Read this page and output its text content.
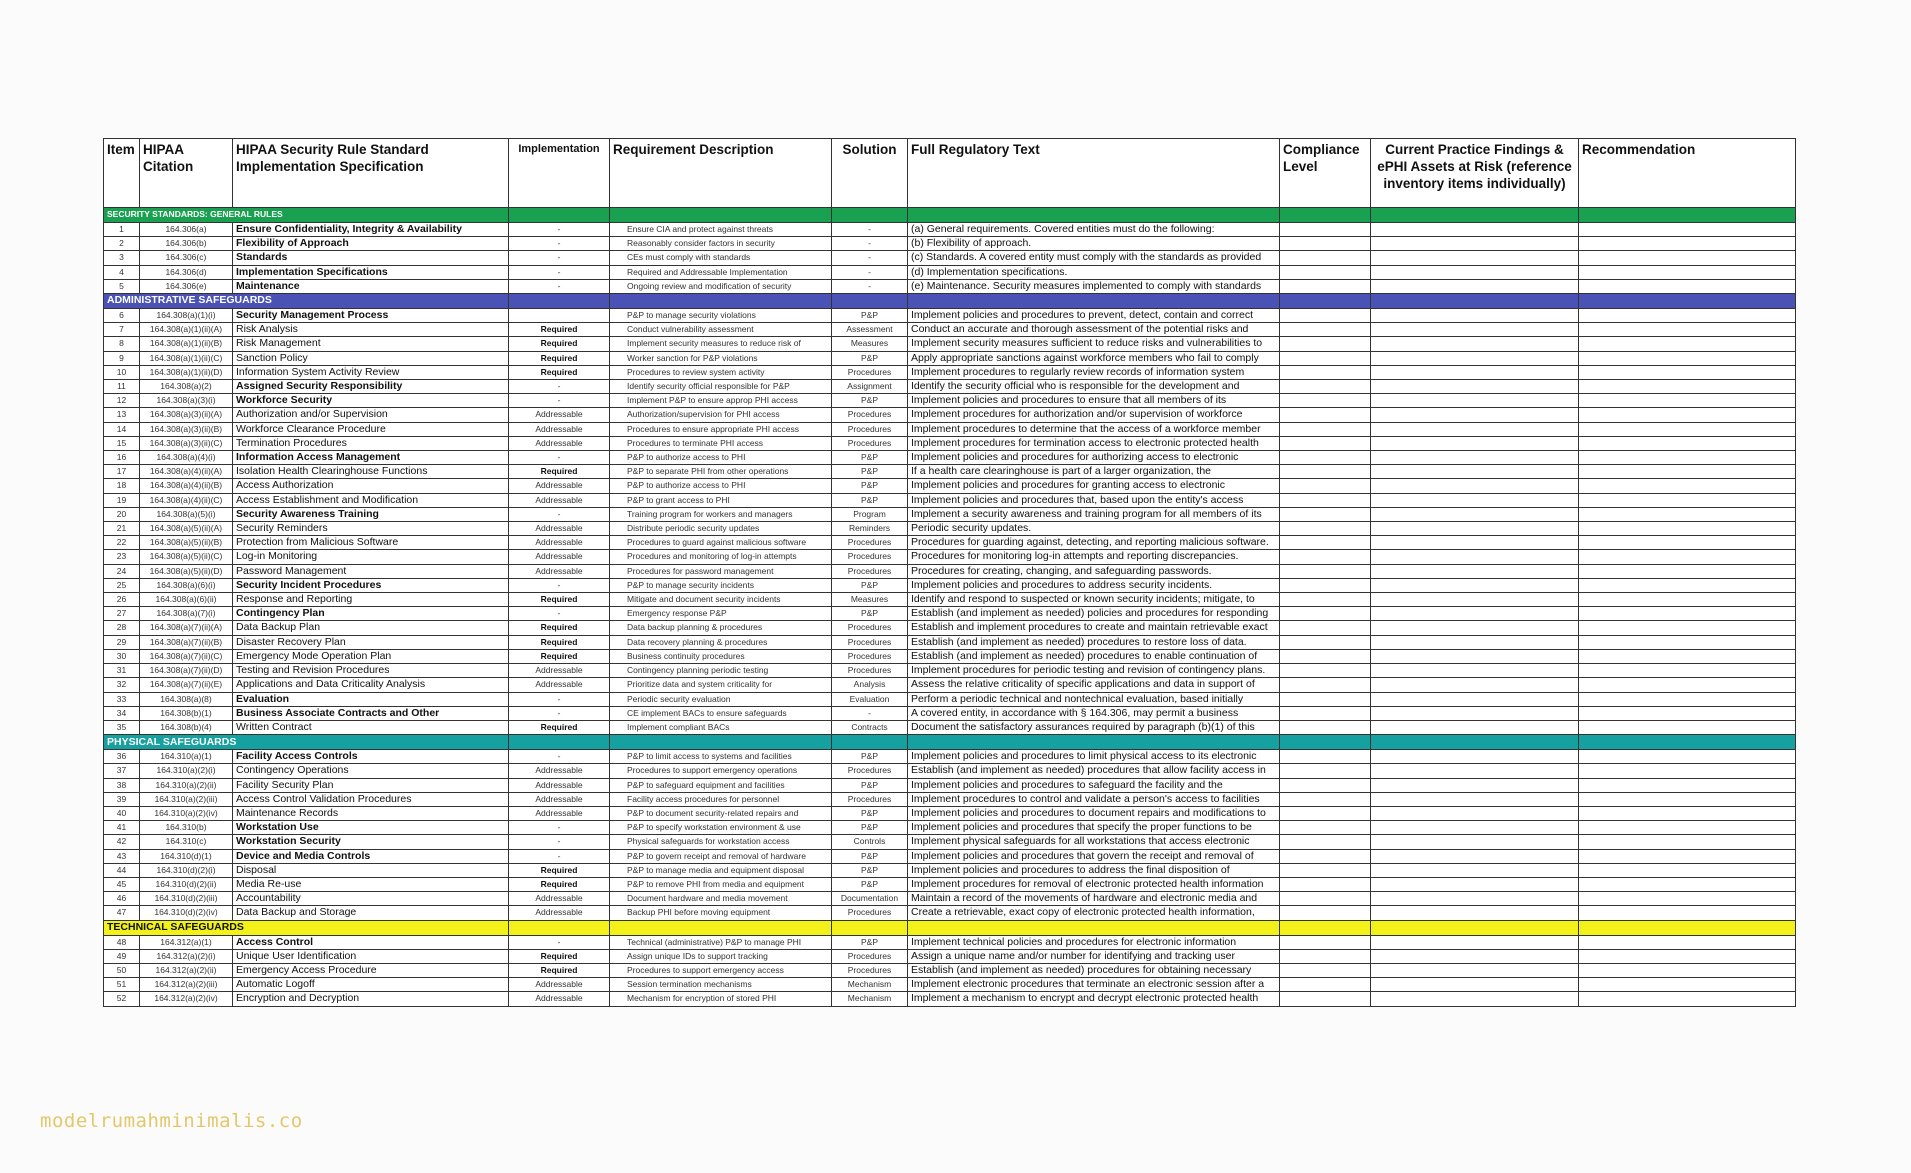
Item	HIPAA Citation	HIPAA Security Rule Standard Implementation Specification	Implementation	Requirement Description	Solution	Full Regulatory Text	Compliance Level	Current Practice Findings & ePHI Assets at Risk (reference inventory items individually)	Recommendation
SECURITY STANDARDS: GENERAL RULES									
1	164.306(a)	Ensure Confidentiality, Integrity & Availability	-	Ensure CIA and protect against threats	-	(a) General requirements. Covered entities must do the following:			
2	164.306(b)	Flexibility of Approach	-	Reasonably consider factors in security	-	(b) Flexibility of approach.			
3	164.306(c)	Standards	-	CEs must comply with standards	-	(c) Standards. A covered entity must comply with the standards as provided			
4	164.306(d)	Implementation Specifications	-	Required and Addressable Implementation	-	(d) Implementation specifications.			
5	164.306(e)	Maintenance	-	Ongoing review and modification of security	-	(e) Maintenance. Security measures implemented to comply with standards			
ADMINISTRATIVE SAFEGUARDS									
6	164.308(a)(1)(i)	Security Management Process		P&P to manage security violations	P&P	Implement policies and procedures to prevent, detect, contain and correct			
7	164.308(a)(1)(ii)(A)	Risk Analysis	Required	Conduct vulnerability assessment	Assessment	Conduct an accurate and thorough assessment of the potential risks and			
8	164.308(a)(1)(ii)(B)	Risk Management	Required	Implement security measures to reduce risk of	Measures	Implement security measures sufficient to reduce risks and vulnerabilities to			
9	164.308(a)(1)(ii)(C)	Sanction Policy	Required	Worker sanction for P&P violations	P&P	Apply appropriate sanctions against workforce members who fail to comply			
10	164.308(a)(1)(ii)(D)	Information System Activity Review	Required	Procedures to review system activity	Procedures	Implement procedures to regularly review records of information system			
11	164.308(a)(2)	Assigned Security Responsibility	-	Identify security official responsible for P&P	Assignment	Identify the security official who is responsible for the development and			
12	164.308(a)(3)(i)	Workforce Security	-	Implement P&P to ensure approp PHI access	P&P	Implement policies and procedures to ensure that all members of its			
13	164.308(a)(3)(ii)(A)	Authorization and/or Supervision	Addressable	Authorization/supervision for PHI access	Procedures	Implement procedures for authorization and/or supervision of workforce			
14	164.308(a)(3)(ii)(B)	Workforce Clearance Procedure	Addressable	Procedures to ensure appropriate PHI access	Procedures	Implement procedures to determine that the access of a workforce member			
15	164.308(a)(3)(ii)(C)	Termination Procedures	Addressable	Procedures to terminate PHI access	Procedures	Implement procedures for termination access to electronic protected health			
16	164.308(a)(4)(i)	Information Access Management	-	P&P to authorize access to PHI	P&P	Implement policies and procedures for authorizing access to electronic			
17	164.308(a)(4)(ii)(A)	Isolation Health Clearinghouse Functions	Required	P&P to separate PHI from other operations	P&P	If a health care clearinghouse is part of a larger organization, the			
18	164.308(a)(4)(ii)(B)	Access Authorization	Addressable	P&P to authorize access to PHI	P&P	Implement policies and procedures for granting access to electronic			
19	164.308(a)(4)(ii)(C)	Access Establishment and Modification	Addressable	P&P to grant access to PHI	P&P	Implement policies and procedures that, based upon the entity's access			
20	164.308(a)(5)(i)	Security Awareness Training	-	Training program for workers and managers	Program	Implement a security awareness and training program for all members of its			
21	164.308(a)(5)(ii)(A)	Security Reminders	Addressable	Distribute periodic security updates	Reminders	Periodic security updates.			
22	164.308(a)(5)(ii)(B)	Protection from Malicious Software	Addressable	Procedures to guard against malicious software	Procedures	Procedures for guarding against, detecting, and reporting malicious software.			
23	164.308(a)(5)(ii)(C)	Log-in Monitoring	Addressable	Procedures and monitoring of log-in attempts	Procedures	Procedures for monitoring log-in attempts and reporting discrepancies.			
24	164.308(a)(5)(ii)(D)	Password Management	Addressable	Procedures for password management	Procedures	Procedures for creating, changing, and safeguarding passwords.			
25	164.308(a)(6)(i)	Security Incident Procedures	-	P&P to manage security incidents	P&P	Implement policies and procedures to address security incidents.			
26	164.308(a)(6)(ii)	Response and Reporting	Required	Mitigate and document security incidents	Measures	Identify and respond to suspected or known security incidents; mitigate, to			
27	164.308(a)(7)(i)	Contingency Plan	-	Emergency response P&P	P&P	Establish (and implement as needed) policies and procedures for responding			
28	164.308(a)(7)(ii)(A)	Data Backup Plan	Required	Data backup planning & procedures	Procedures	Establish and implement procedures to create and maintain retrievable exact			
29	164.308(a)(7)(ii)(B)	Disaster Recovery Plan	Required	Data recovery planning & procedures	Procedures	Establish (and implement as needed) procedures to restore loss of data.			
30	164.308(a)(7)(ii)(C)	Emergency Mode Operation Plan	Required	Business continuity procedures	Procedures	Establish (and implement as needed) procedures to enable continuation of			
31	164.308(a)(7)(ii)(D)	Testing and Revision Procedures	Addressable	Contingency planning periodic testing	Procedures	Implement procedures for periodic testing and revision of contingency plans.			
32	164.308(a)(7)(ii)(E)	Applications and Data Criticality Analysis	Addressable	Prioritize data and system criticality for	Analysis	Assess the relative criticality of specific applications and data in support of			
33	164.308(a)(8)	Evaluation	-	Periodic security evaluation	Evaluation	Perform a periodic technical and nontechnical evaluation, based initially			
34	164.308(b)(1)	Business Associate Contracts and Other	-	CE implement BACs to ensure safeguards	-	A covered entity, in accordance with § 164.306, may permit a business			
35	164.308(b)(4)	Written Contract	Required	Implement compliant BACs	Contracts	Document the satisfactory assurances required by paragraph (b)(1) of this			
PHYSICAL SAFEGUARDS									
36	164.310(a)(1)	Facility Access Controls	-	P&P to limit access to systems and facilities	P&P	Implement policies and procedures to limit physical access to its electronic			
37	164.310(a)(2)(i)	Contingency Operations	Addressable	Procedures to support emergency operations	Procedures	Establish (and implement as needed) procedures that allow facility access in			
38	164.310(a)(2)(ii)	Facility Security Plan	Addressable	P&P to safeguard equipment and facilities	P&P	Implement policies and procedures to safeguard the facility and the			
39	164.310(a)(2)(iii)	Access Control Validation Procedures	Addressable	Facility access procedures for personnel	Procedures	Implement procedures to control and validate a person's access to facilities			
40	164.310(a)(2)(iv)	Maintenance Records	Addressable	P&P to document security-related repairs and	P&P	Implement policies and procedures to document repairs and modifications to			
41	164.310(b)	Workstation Use	-	P&P to specify workstation environment & use	P&P	Implement policies and procedures that specify the proper functions to be			
42	164.310(c)	Workstation Security	-	Physical safeguards for workstation access	Controls	Implement physical safeguards for all workstations that access electronic			
43	164.310(d)(1)	Device and Media Controls	-	P&P to govern receipt and removal of hardware	P&P	Implement policies and procedures that govern the receipt and removal of			
44	164.310(d)(2)(i)	Disposal	Required	P&P to manage media and equipment disposal	P&P	Implement policies and procedures to address the final disposition of			
45	164.310(d)(2)(ii)	Media Re-use	Required	P&P to remove PHI from media and equipment	P&P	Implement procedures for removal of electronic protected health information			
46	164.310(d)(2)(iii)	Accountability	Addressable	Document hardware and media movement	Documentation	Maintain a record of the movements of hardware and electronic media and			
47	164.310(d)(2)(iv)	Data Backup and Storage	Addressable	Backup PHI before moving equipment	Procedures	Create a retrievable, exact copy of electronic protected health information,			
TECHNICAL SAFEGUARDS									
48	164.312(a)(1)	Access Control	-	Technical (administrative) P&P to manage PHI	P&P	Implement technical policies and procedures for electronic information			
49	164.312(a)(2)(i)	Unique User Identification	Required	Assign unique IDs to support tracking	Procedures	Assign a unique name and/or number for identifying and tracking user			
50	164.312(a)(2)(ii)	Emergency Access Procedure	Required	Procedures to support emergency access	Procedures	Establish (and implement as needed) procedures for obtaining necessary			
51	164.312(a)(2)(iii)	Automatic Logoff	Addressable	Session termination mechanisms	Mechanism	Implement electronic procedures that terminate an electronic session after a			
52	164.312(a)(2)(iv)	Encryption and Decryption	Addressable	Mechanism for encryption of stored PHI	Mechanism	Implement a mechanism to encrypt and decrypt electronic protected health			
modelrumahminimalis.co
